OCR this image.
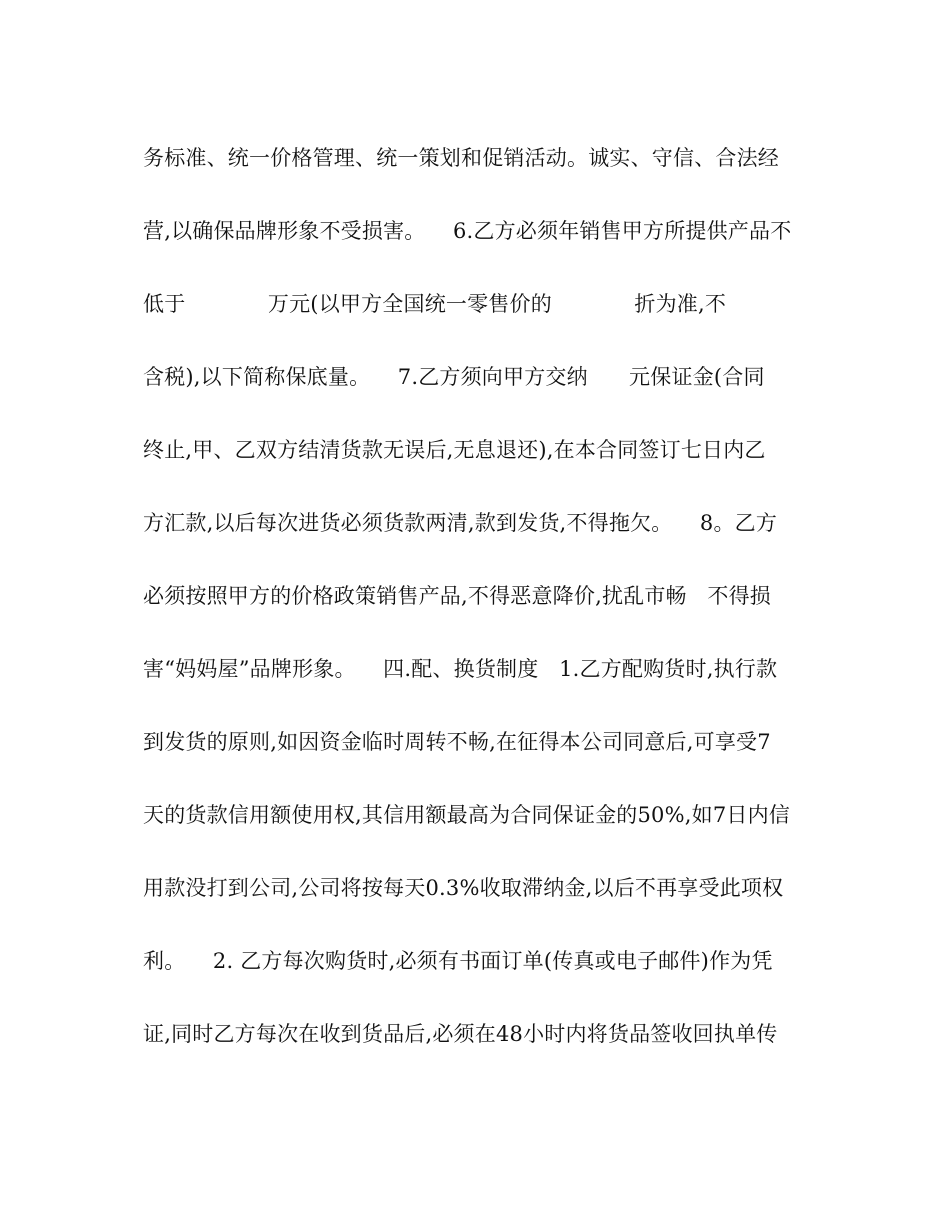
务标准、统一价格管理、统一策划和促销活动。诚实、守信、合法经
营,以确保品牌形象不受损害。    6.乙方必须年销售甲方所提供产品不
低于            万元(以甲方全国统一零售价的            折为准,不
含税),以下简称保底量。    7.乙方须向甲方交纳      元保证金(合同
终止,甲、乙双方结清货款无误后,无息退还),在本合同签订七日内乙
方汇款,以后每次进货必须货款两清,款到发货,不得拖欠。    8。乙方
必须按照甲方的价格政策销售产品,不得恶意降价,扰乱市畅   不得损
害“妈妈屋”品牌形象。    四.配、换货制度   1.乙方配购货时,执行款
到发货的原则,如因资金临时周转不畅,在征得本公司同意后,可享受7
天的货款信用额使用权,其信用额最高为合同保证金的50%,如7日内信
用款没打到公司,公司将按每天0.3%收取滞纳金,以后不再享受此项权
利。    2. 乙方每次购货时,必须有书面订单(传真或电子邮件)作为凭
证,同时乙方每次在收到货品后,必须在48小时内将货品签收回执单传
